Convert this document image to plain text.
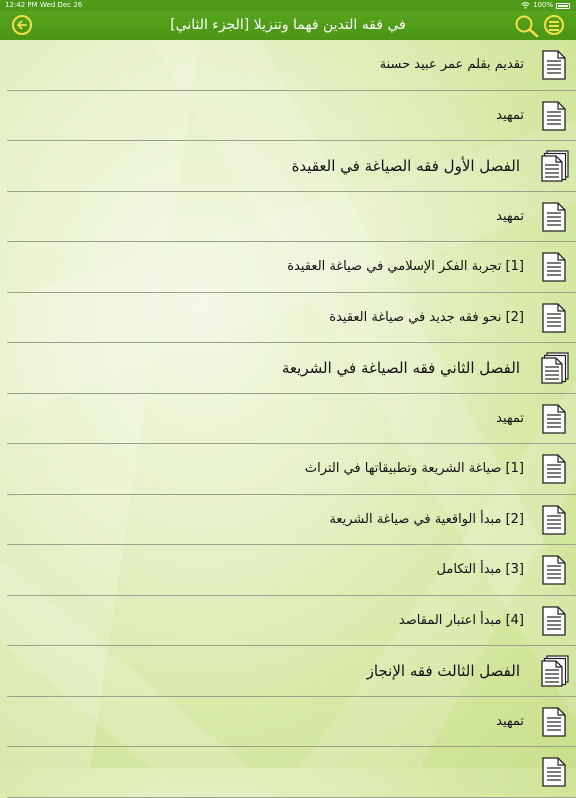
12:42 PM Wed Dec 26	100%
في فقه التدين فهما وتنزيلا [الجزء الثاني]
تقديم بقلم عمر عبيد حسنة
تمهيد
الفصل الأول فقه الصياغة في العقيدة
تمهيد
[1] تجربة الفكر الإسلامي في صياغة العقيدة
[2] نحو فقه جديد في صياغة العقيدة
الفصل الثاني فقه الصياغة في الشريعة
تمهيد
[1] صياغة الشريعة وتطبيقاتها في التراث
[2] مبدأ الواقعية في صياغة الشريعة
[3] مبدأ التكامل
[4] مبدأ اعتبار المقاصد
الفصل الثالث فقه الإنجاز
تمهيد
